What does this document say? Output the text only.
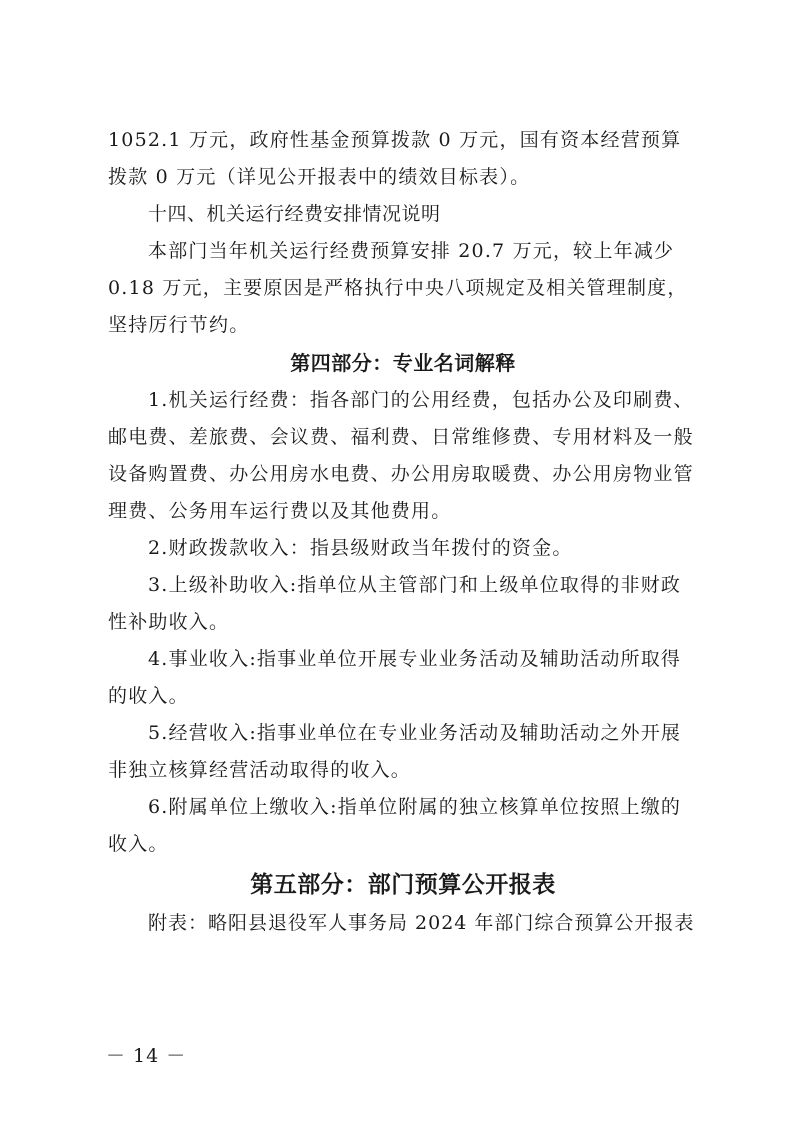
1052.1 万元，政府性基金预算拨款 0 万元，国有资本经营预算
拨款 0 万元（详见公开报表中的绩效目标表）。

十四、机关运行经费安排情况说明

本部门当年机关运行经费预算安排 20.7 万元，较上年减少
0.18 万元，主要原因是严格执行中央八项规定及相关管理制度，
坚持厉行节约。

第四部分：专业名词解释

1.机关运行经费：指各部门的公用经费，包括办公及印刷费、
邮电费、差旅费、会议费、福利费、日常维修费、专用材料及一般
设备购置费、办公用房水电费、办公用房取暖费、办公用房物业管
理费、公务用车运行费以及其他费用。

2.财政拨款收入：指县级财政当年拨付的资金。

3.上级补助收入:指单位从主管部门和上级单位取得的非财政
性补助收入。

4.事业收入:指事业单位开展专业业务活动及辅助活动所取得
的收入。

5.经营收入:指事业单位在专业业务活动及辅助活动之外开展
非独立核算经营活动取得的收入。

6.附属单位上缴收入:指单位附属的独立核算单位按照上缴的
收入。

第五部分：部门预算公开报表

附表：略阳县退役军人事务局 2024 年部门综合预算公开报表

－ 14 －
